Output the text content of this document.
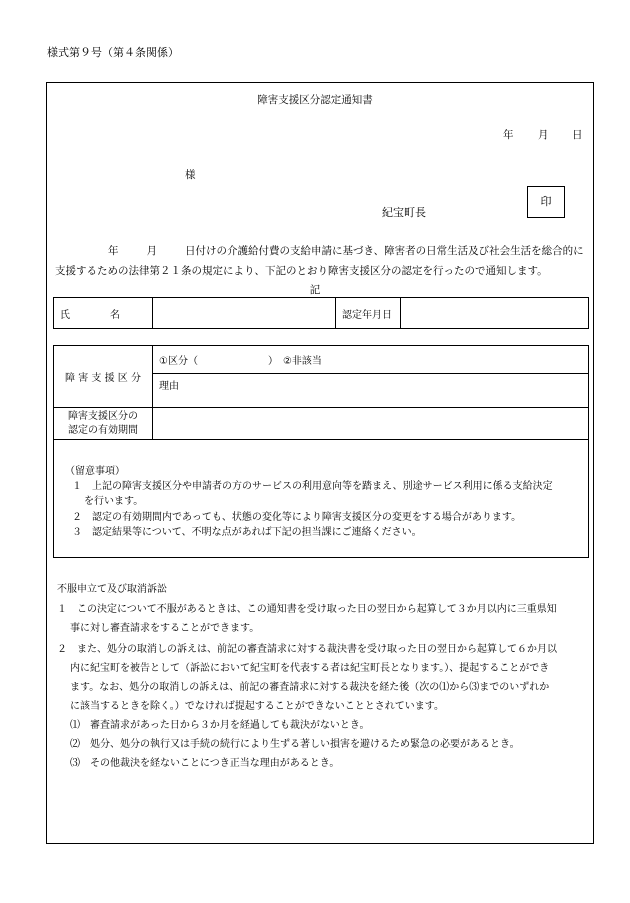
様式第９号（第４条関係）
障害支援区分認定通知書
年 月 日
様
紀宝町長
印
年	月	日付けの介護給付費の支給申請に基づき、障害者の日常生活及び社会生活を総合的に
支援するための法律第２１条の規定により、下記のとおり障害支援区分の認定を行ったので通知します。
記
氏　　　　名		認定年月日	
障 害 支 援 区 分	①区分（　　　　　　　）　②非該当
	理由

障害支援区分の
認定の有効期間	

（留意事項）
１　上記の障害支援区分や申請者の方のサービスの利用意向等を踏まえ、別途サービス利用に係る支給決定
を行います。
２　認定の有効期間内であっても、状態の変化等により障害支援区分の変更をする場合があります。
３　認定結果等について、不明な点があれば下記の担当課にご連絡ください。
不服申立て及び取消訴訟
１　この決定について不服があるときは、この通知書を受け取った日の翌日から起算して３か月以内に三重県知
事に対し審査請求をすることができます。
２　また、処分の取消しの訴えは、前記の審査請求に対する裁決書を受け取った日の翌日から起算して６か月以
内に紀宝町を被告として（訴訟において紀宝町を代表する者は紀宝町長となります。）、提起することができ
ます。なお、処分の取消しの訴えは、前記の審査請求に対する裁決を経た後（次の⑴から⑶までのいずれか
に該当するときを除く。）でなければ提起することができないこととされています。
⑴　審査請求があった日から３か月を経過しても裁決がないとき。
⑵　処分、処分の執行又は手続の続行により生ずる著しい損害を避けるため緊急の必要があるとき。
⑶　その他裁決を経ないことにつき正当な理由があるとき。
